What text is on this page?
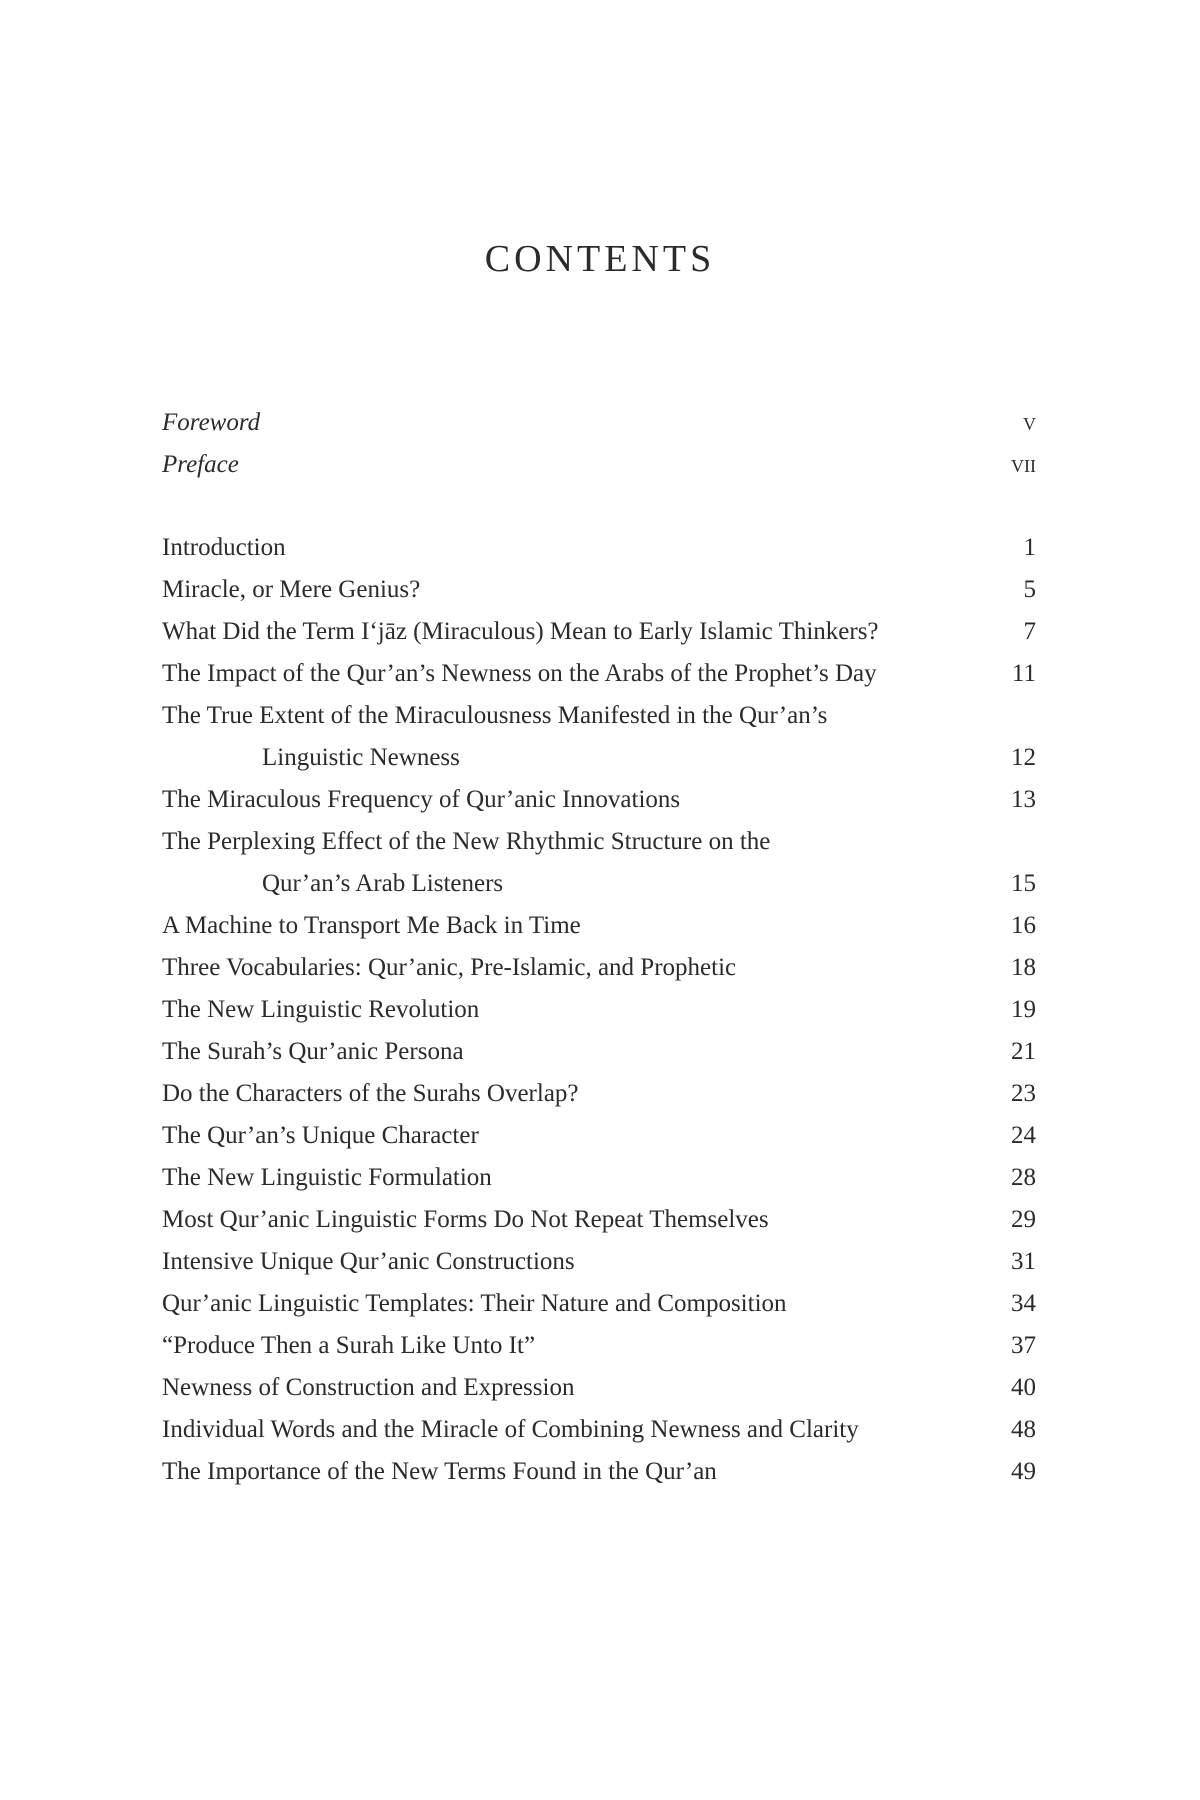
CONTENTS
Foreword	v
Preface	vii
Introduction	1
Miracle, or Mere Genius?	5
What Did the Term I‘jāz (Miraculous) Mean to Early Islamic Thinkers?	7
The Impact of the Qur’an’s Newness on the Arabs of the Prophet’s Day	11
The True Extent of the Miraculousness Manifested in the Qur’an’s
Linguistic Newness	12
The Miraculous Frequency of Qur’anic Innovations	13
The Perplexing Effect of the New Rhythmic Structure on the
Qur’an’s Arab Listeners	15
A Machine to Transport Me Back in Time	16
Three Vocabularies: Qur’anic, Pre-Islamic, and Prophetic	18
The New Linguistic Revolution	19
The Surah’s Qur’anic Persona	21
Do the Characters of the Surahs Overlap?	23
The Qur’an’s Unique Character	24
The New Linguistic Formulation	28
Most Qur’anic Linguistic Forms Do Not Repeat Themselves	29
Intensive Unique Qur’anic Constructions	31
Qur’anic Linguistic Templates: Their Nature and Composition	34
“Produce Then a Surah Like Unto It”	37
Newness of Construction and Expression	40
Individual Words and the Miracle of Combining Newness and Clarity	48
The Importance of the New Terms Found in the Qur’an	49
